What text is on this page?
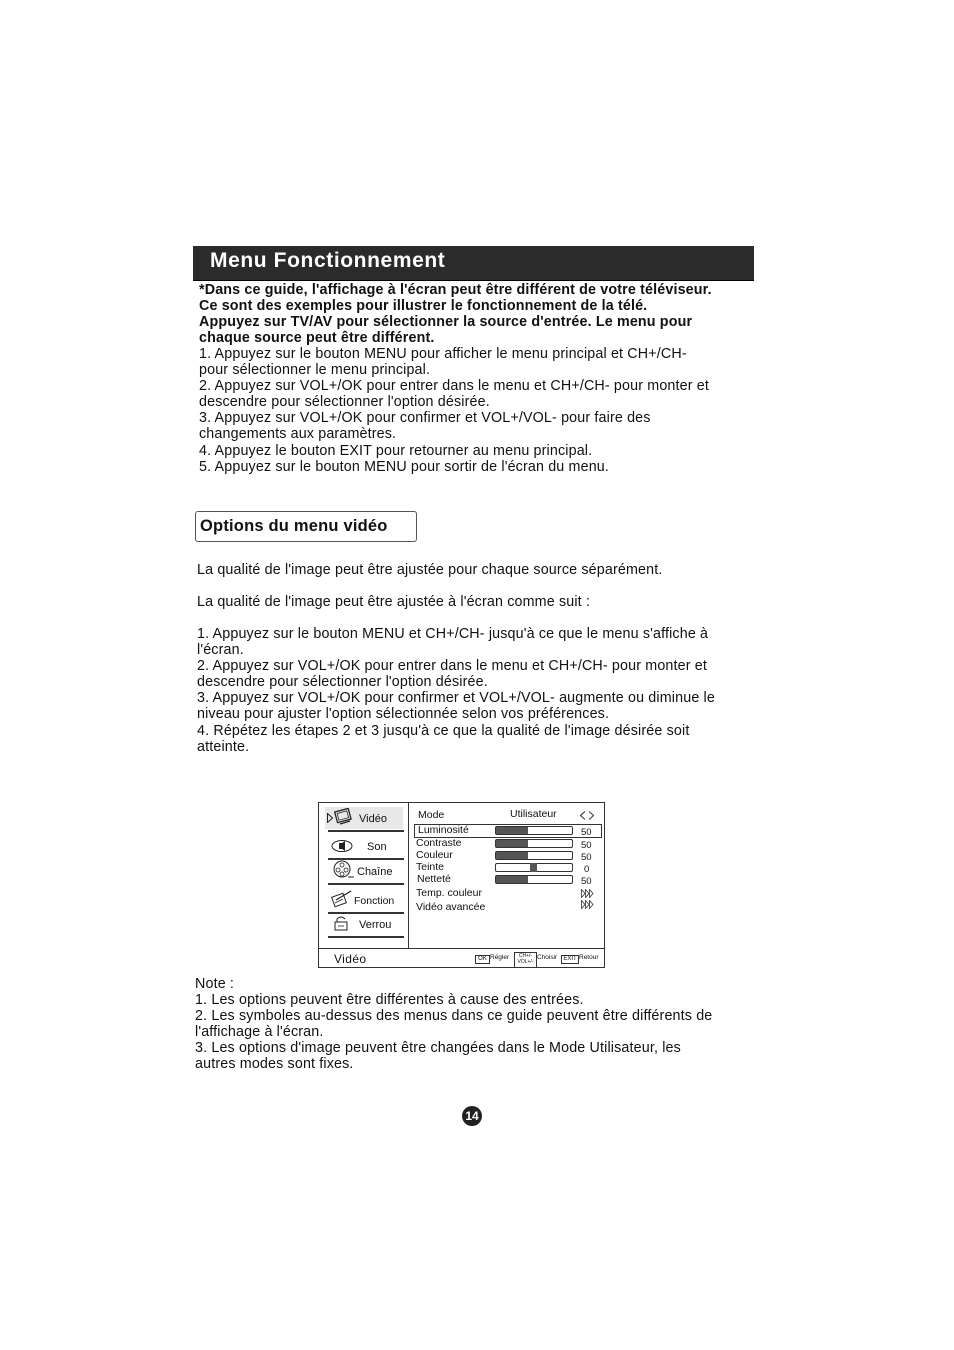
Menu Fonctionnement
*Dans ce guide, l'affichage à l'écran peut être différent de votre téléviseur.
Ce sont des exemples pour illustrer le fonctionnement de la télé.
Appuyez sur TV/AV pour sélectionner la source d'entrée. Le menu pour
chaque source peut être différent.
1. Appuyez sur le bouton MENU pour afficher le menu principal et CH+/CH-
pour sélectionner le menu principal.
2. Appuyez sur VOL+/OK pour entrer dans le menu et CH+/CH- pour monter et
descendre pour sélectionner l'option désirée.
3. Appuyez sur VOL+/OK pour confirmer et VOL+/VOL- pour faire des
changements aux paramètres.
4. Appuyez le bouton EXIT pour retourner au menu principal.
5. Appuyez sur le bouton MENU pour sortir de l'écran du menu.
Options du menu vidéo
La qualité de l'image peut être ajustée pour chaque source séparément.
La qualité de l'image peut être ajustée à l'écran comme suit :
1. Appuyez sur le bouton MENU et CH+/CH- jusqu'à ce que le menu s'affiche à
l'écran.
2. Appuyez sur VOL+/OK pour entrer dans le menu et CH+/CH- pour monter et
descendre pour sélectionner l'option désirée.
3. Appuyez sur VOL+/OK pour confirmer et VOL+/VOL- augmente ou diminue le
niveau pour ajuster l'option sélectionnée selon vos préférences.
4. Répétez les étapes 2 et 3 jusqu'à ce que la qualité de l'image désirée soit
atteinte.
Vidéo
Son
Chaîne
Fonction
Verrou
Mode	Utilisateur
Luminosité	50
Contraste	50
Couleur	50
Teinte	0
Netteté	50
Temp. couleur
Vidéo avancée
Vidéo	OK Régler	CH+/-
VOL+/-
Choisir	EXIT Retour
Note :
1. Les options peuvent être différentes à cause des entrées.
2. Les symboles au-dessus des menus dans ce guide peuvent être différents de
l'affichage à l'écran.
3. Les options d'image peuvent être changées dans le Mode Utilisateur, les
autres modes sont fixes.
14
